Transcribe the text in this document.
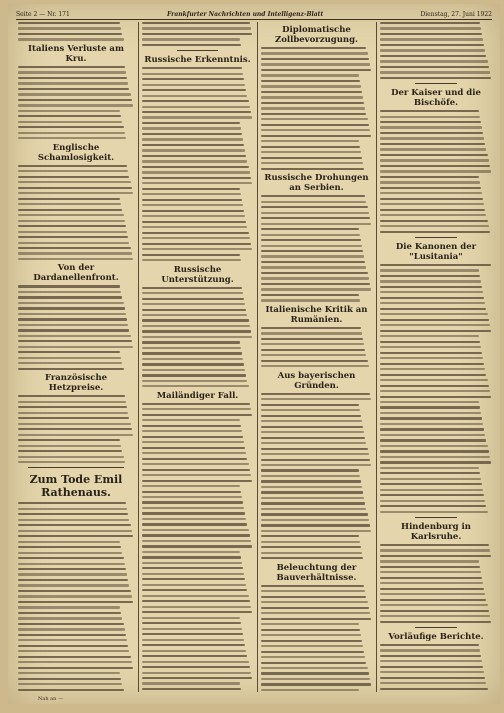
Seite 2 — Nr. 171	Frankfurter Nachrichten und Intelligenz-Blatt	Dienstag, 27. Juni 1922
Italiens Verluste am Kru.
Englische Schamlosigkeit.
Von der Dardanellenfront.
Französische Hetzpreise.
Zum Tode Emil Rathenaus.
Russische Erkenntnis.
Russische Unterstützung.
Mailändiger Fall.
Diplomatische Zollbevorzugung.
Russische Drohungen an Serbien.
Italienische Kritik an Rumänien.
Aus bayerischen Gründen.
Beleuchtung der Bauverhältnisse.
Der Kaiser und die Bischöfe.
Die Kanonen der "Lusitania"
Hindenburg in Karlsruhe.
Vorläufige Berichte.
Nah an —
